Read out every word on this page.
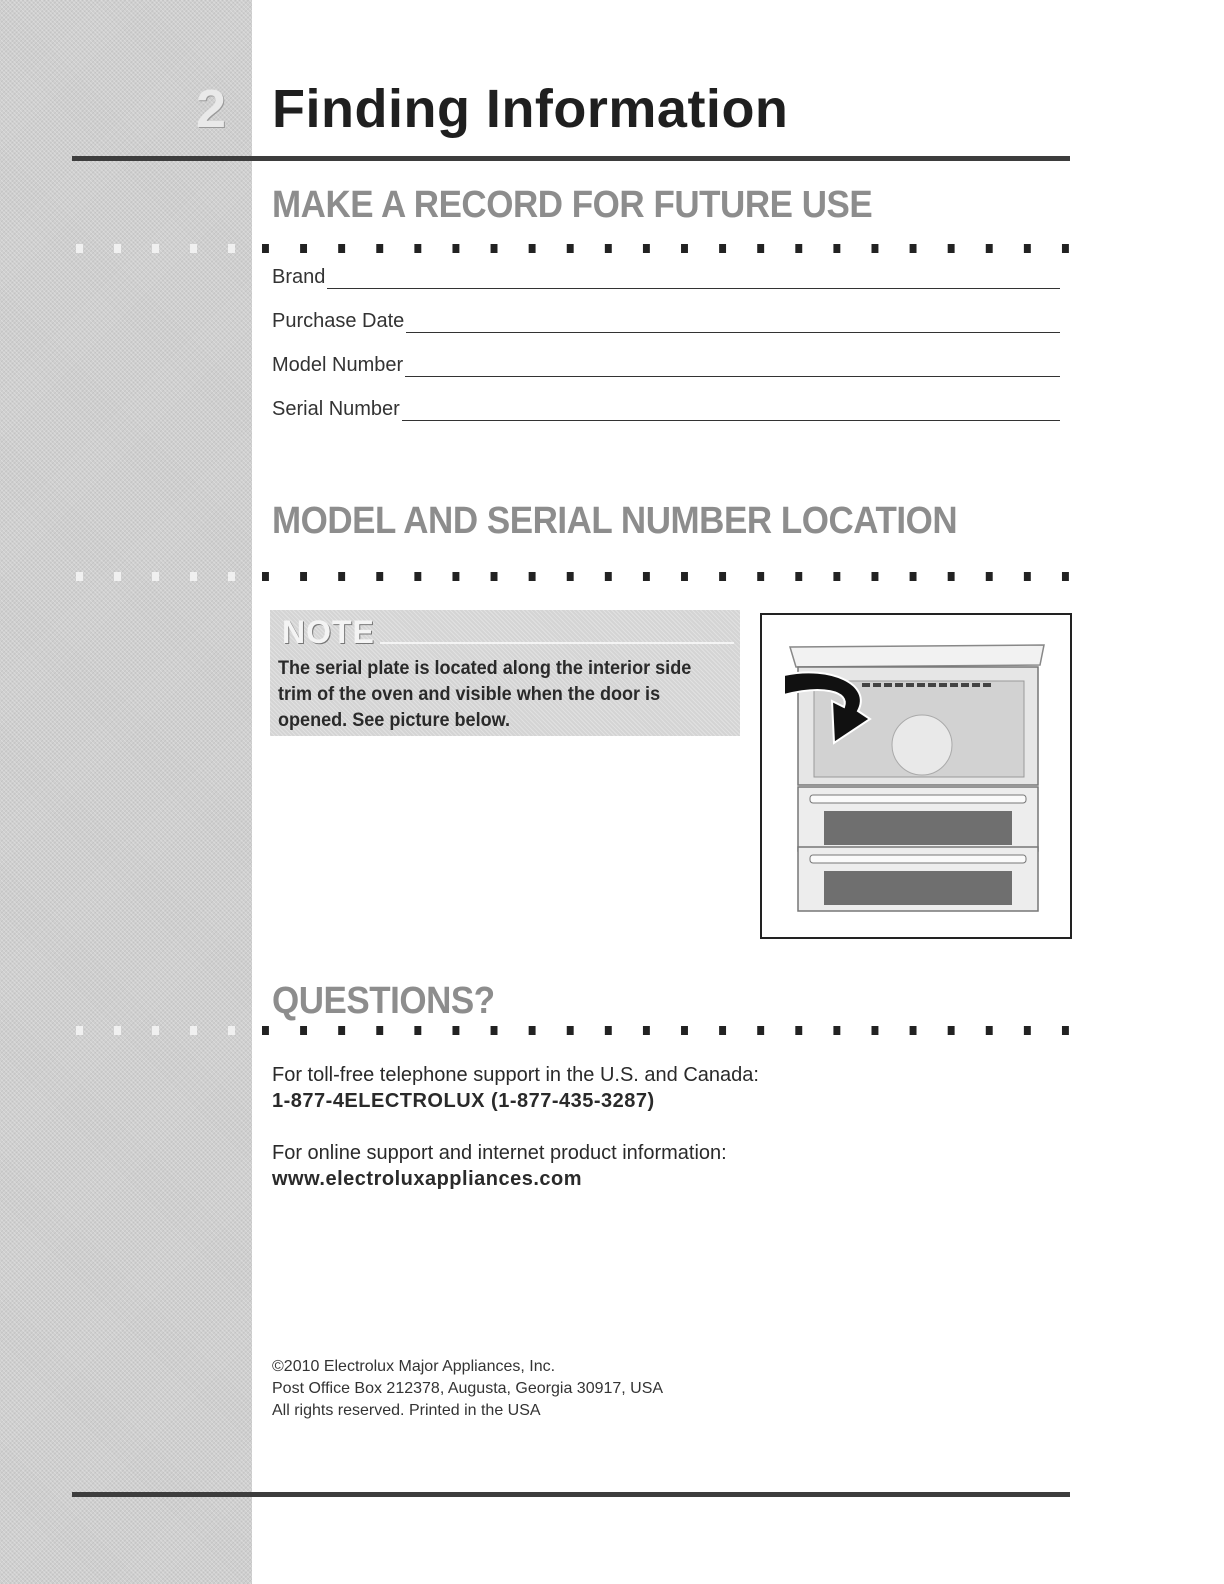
2 Finding Information
MAKE A RECORD FOR FUTURE USE
Brand
Purchase Date
Model Number
Serial Number
MODEL AND SERIAL NUMBER LOCATION
NOTE
The serial plate is located along the interior side trim of the oven and visible when the door is opened. See picture below.
QUESTIONS?
For toll-free telephone support in the U.S. and Canada:
1-877-4ELECTROLUX (1-877-435-3287)
For online support and internet product information:
www.electroluxappliances.com
©2010 Electrolux Major Appliances, Inc.
Post Office Box 212378, Augusta, Georgia 30917, USA
All rights reserved. Printed in the USA
